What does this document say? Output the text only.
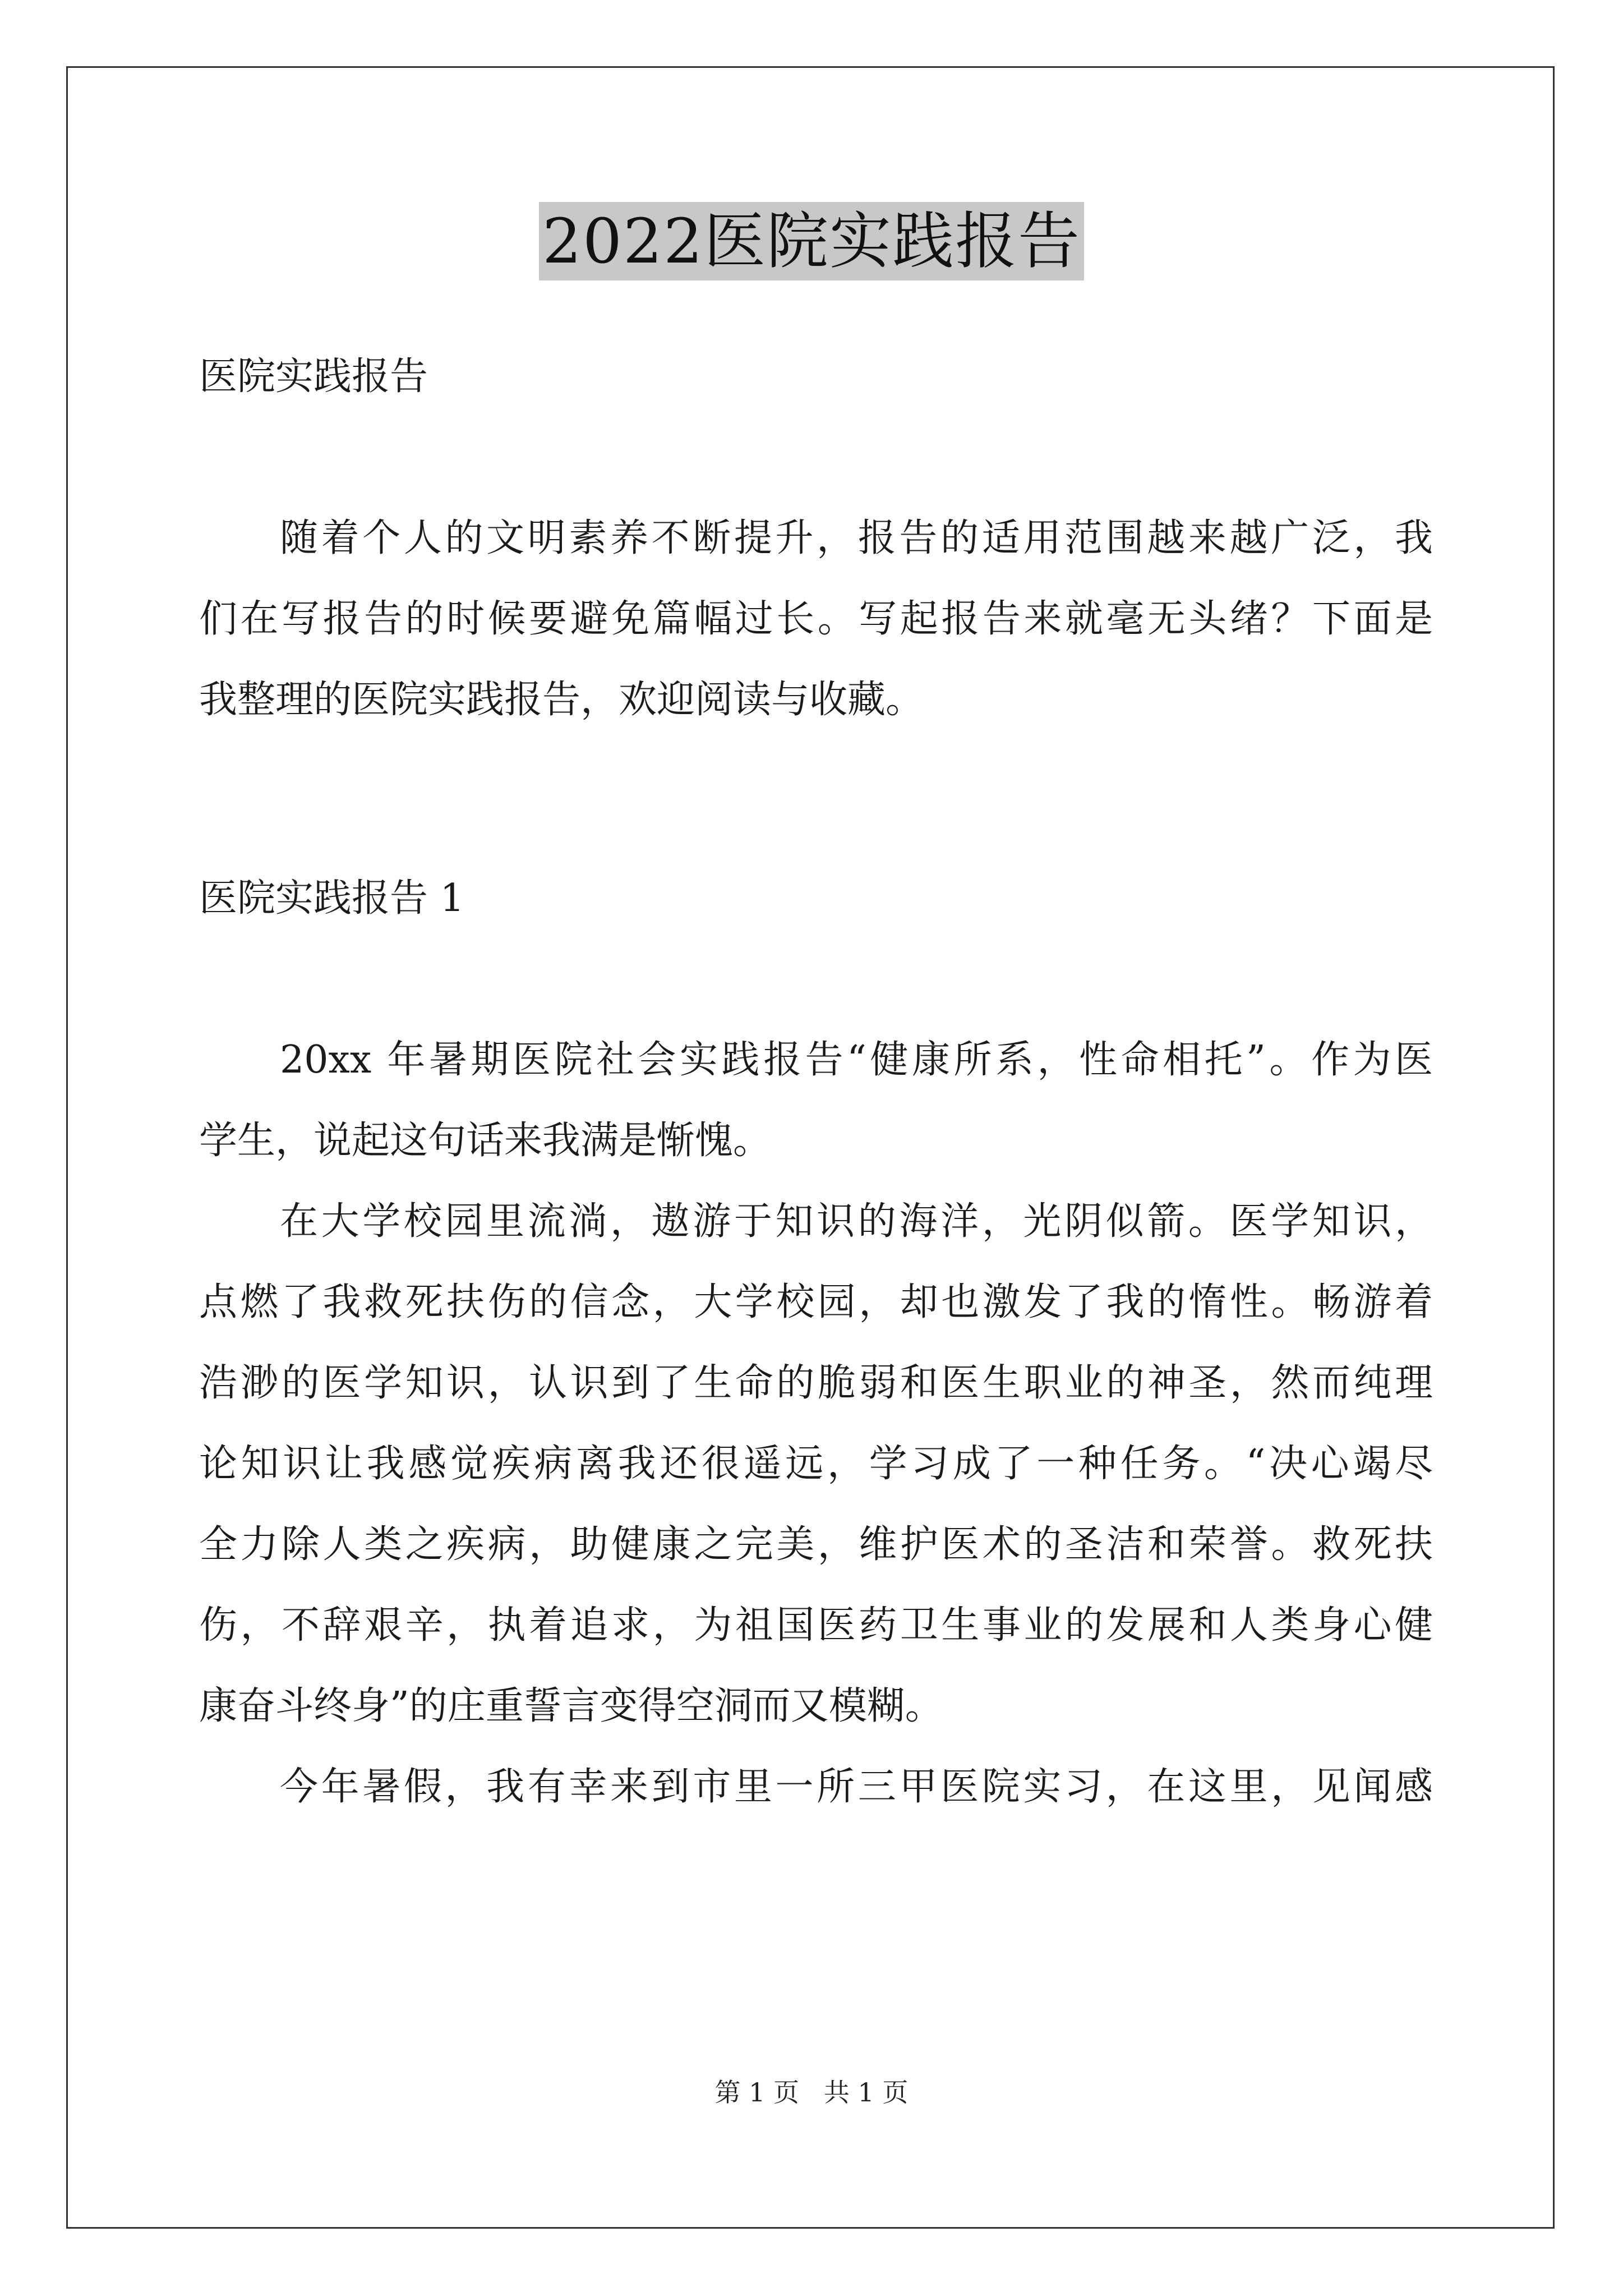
2022医院实践报告
医院实践报告
随着个人的文明素养不断提升，报告的适用范围越来越广泛，我
们在写报告的时候要避免篇幅过长。写起报告来就毫无头绪？下面是
我整理的医院实践报告，欢迎阅读与收藏。
医院实践报告 1
20xx 年暑期医院社会实践报告“健康所系，性命相托”。作为医
学生，说起这句话来我满是惭愧。
在大学校园里流淌，遨游于知识的海洋，光阴似箭。医学知识，
点燃了我救死扶伤的信念，大学校园，却也激发了我的惰性。畅游着
浩渺的医学知识，认识到了生命的脆弱和医生职业的神圣，然而纯理
论知识让我感觉疾病离我还很遥远，学习成了一种任务。“决心竭尽
全力除人类之疾病，助健康之完美，维护医术的圣洁和荣誉。救死扶
伤，不辞艰辛，执着追求，为祖国医药卫生事业的发展和人类身心健
康奋斗终身”的庄重誓言变得空洞而又模糊。
今年暑假，我有幸来到市里一所三甲医院实习，在这里，见闻感
第 1 页   共 1 页
